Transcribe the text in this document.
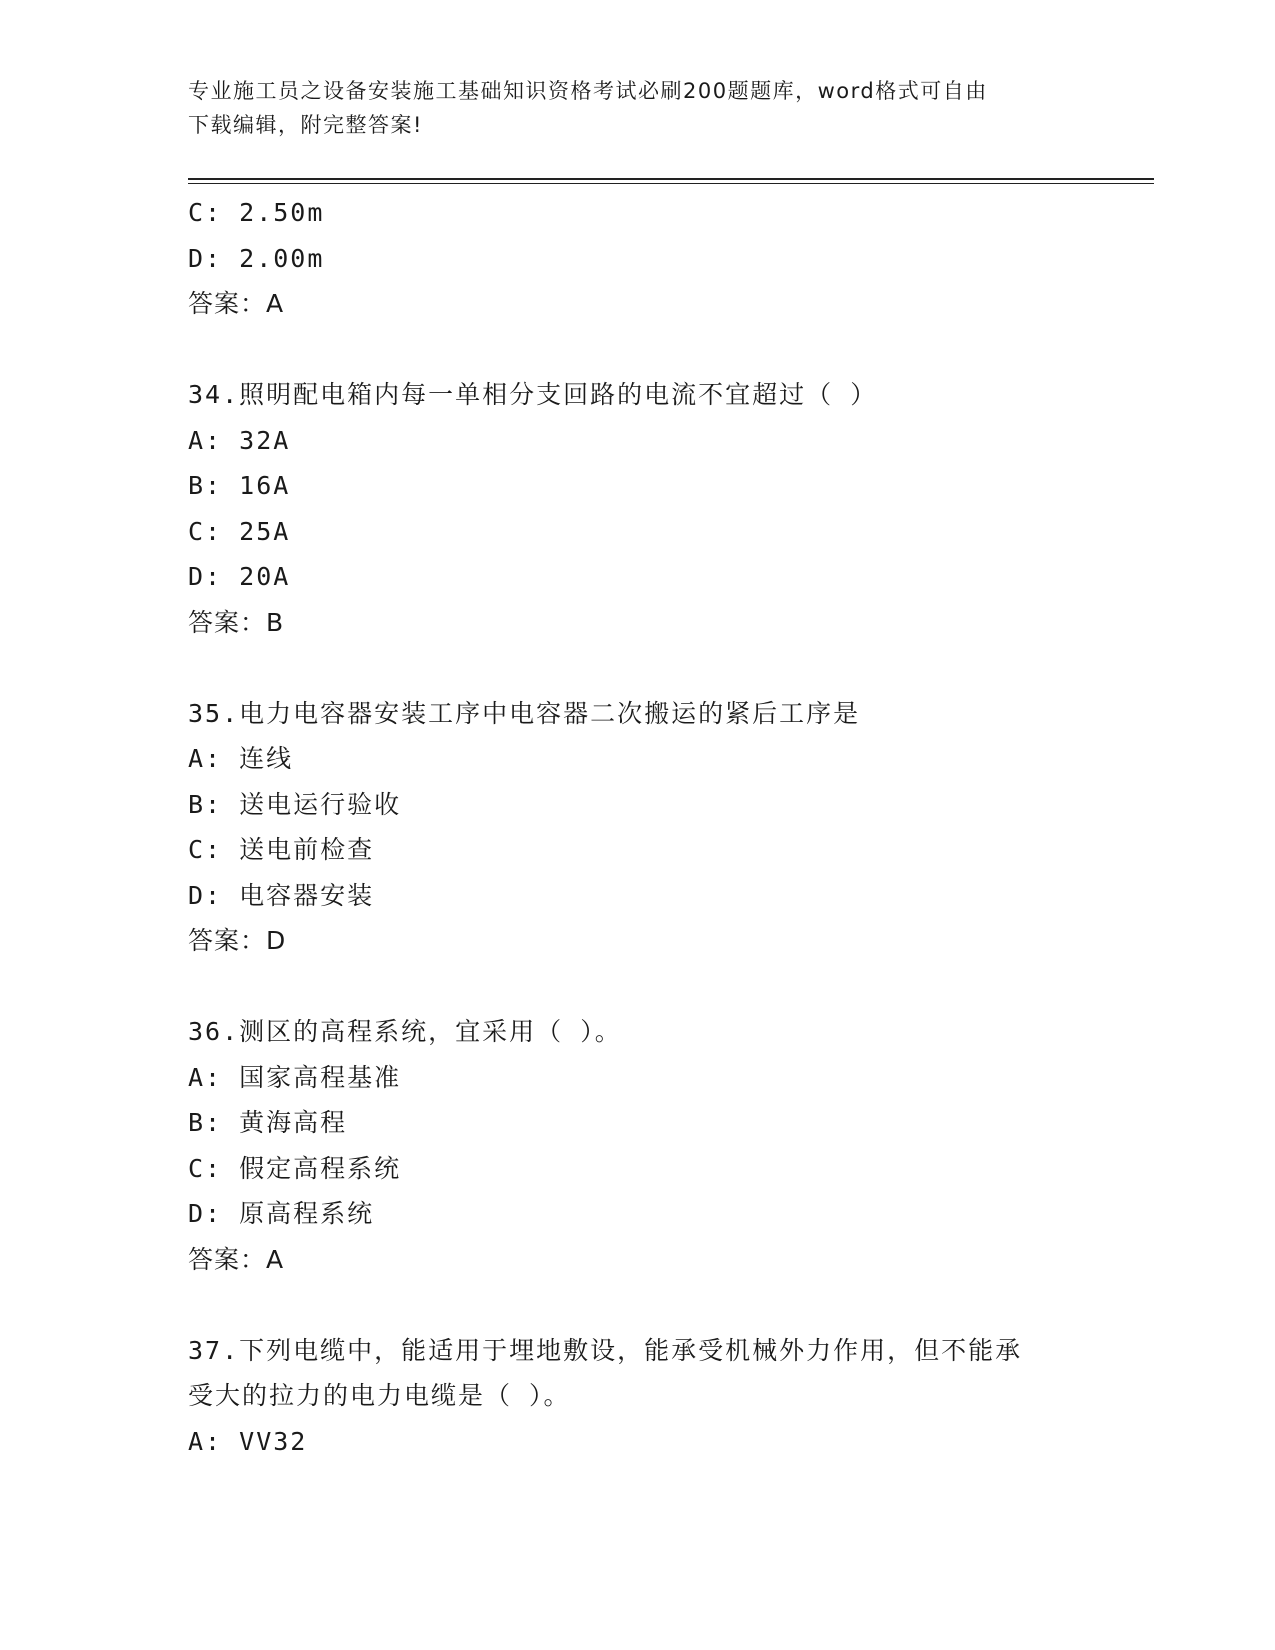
专业施工员之设备安装施工基础知识资格考试必刷200题题库，word格式可自由
下载编辑，附完整答案!
C: 2.50m
D: 2.00m
答案：A
34.照明配电箱内每一单相分支回路的电流不宜超过（ ）
A: 32A
B: 16A
C: 25A
D: 20A
答案：B
35.电力电容器安装工序中电容器二次搬运的紧后工序是
A: 连线
B: 送电运行验收
C: 送电前检查
D: 电容器安装
答案：D
36.测区的高程系统，宜采用（ ）。
A: 国家高程基准
B: 黄海高程
C: 假定高程系统
D: 原高程系统
答案：A
37.下列电缆中，能适用于埋地敷设，能承受机械外力作用，但不能承
受大的拉力的电力电缆是（ ）。
A: VV32
